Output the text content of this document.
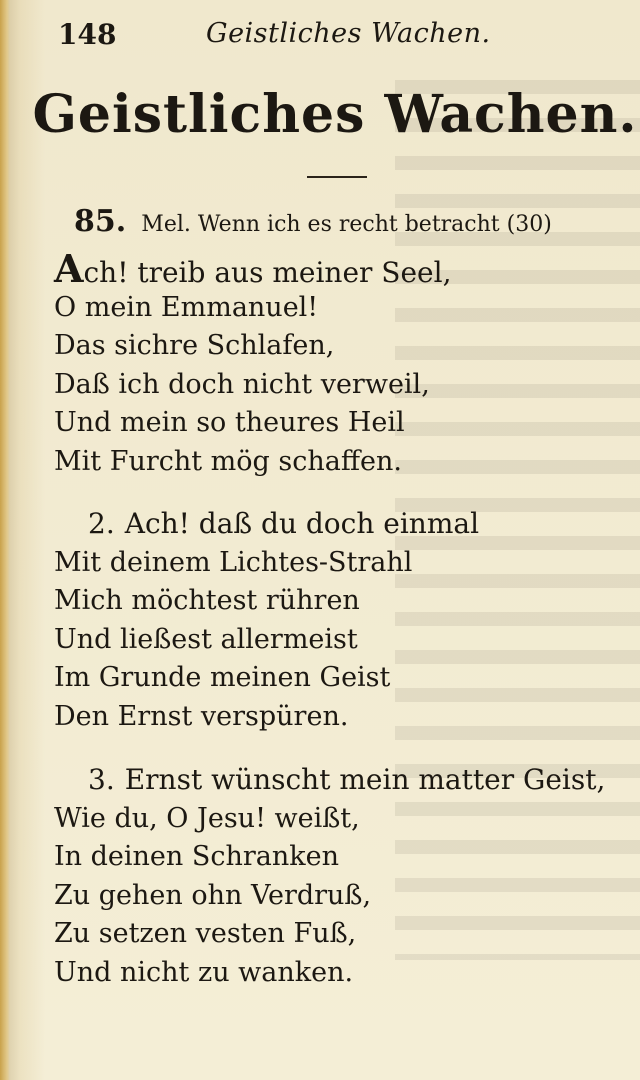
148	Geistliches Wachen.
Geistliches Wachen.
85. Mel. Wenn ich es recht betracht (30)
Ach! treib aus meiner Seel,
O mein Emmanuel!
Das sichre Schlafen,
Daß ich doch nicht verweil,
Und mein so theures Heil
Mit Furcht mög schaffen.
2. Ach! daß du doch einmal
Mit deinem Lichtes-Strahl
Mich möchtest rühren
Und ließest allermeist
Im Grunde meinen Geist
Den Ernst verspüren.
3. Ernst wünscht mein matter Geist,
Wie du, O Jesu! weißt,
In deinen Schranken
Zu gehen ohn Verdruß,
Zu setzen vesten Fuß,
Und nicht zu wanken.
